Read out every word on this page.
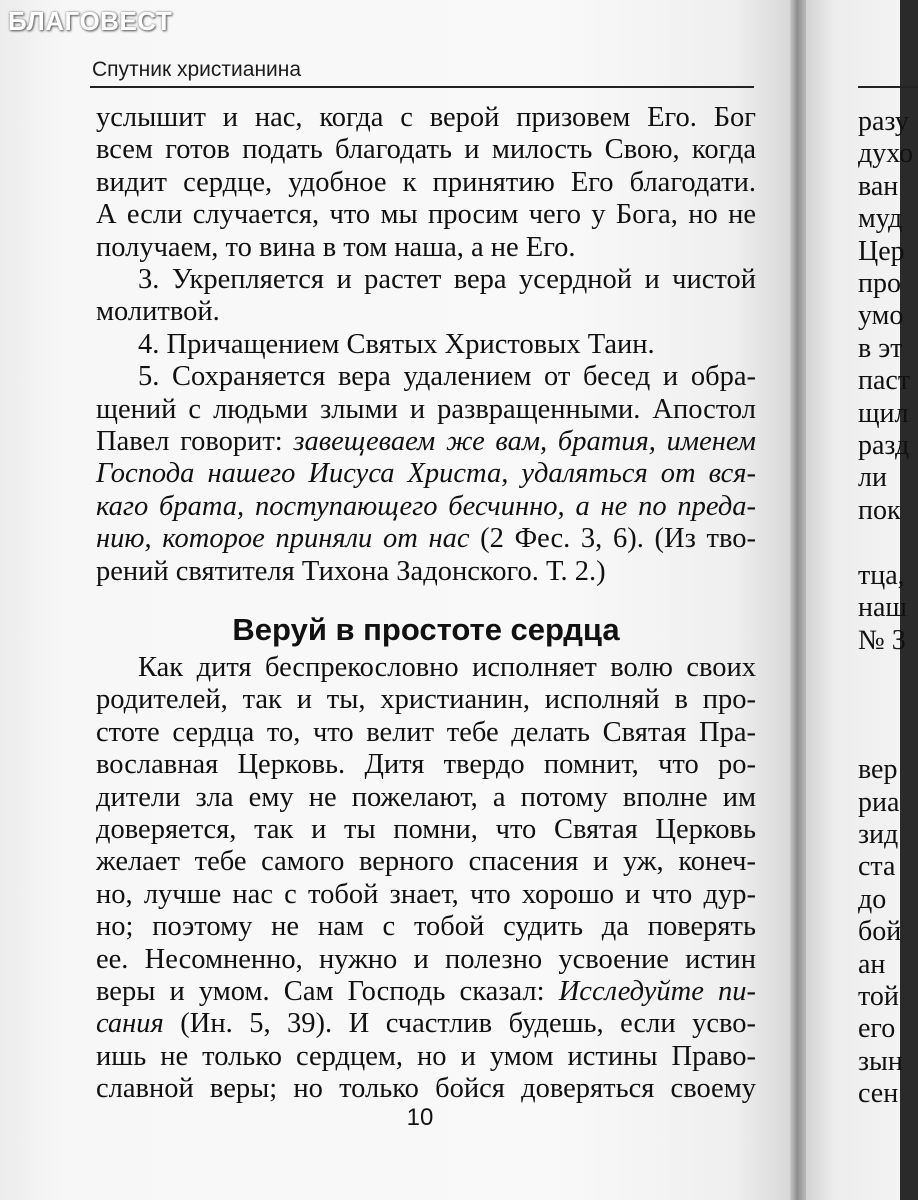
Спутник христианина
услышит и нас, когда с верой призовем Его. Бог
всем готов подать благодать и милость Свою, когда
видит сердце, удобное к принятию Его благодати.
А если случается, что мы просим чего у Бога, но не
получаем, то вина в том наша, а не Его.
3. Укрепляется и растет вера усердной и чистой
молитвой.
4. Причащением Святых Христовых Таин.
5. Сохраняется вера удалением от бесед и обра-
щений с людьми злыми и развращенными. Апостол
Павел говорит: завещеваем же вам, братия, именем
Господа нашего Иисуса Христа, удаляться от вся-
каго брата, поступающего бесчинно, а не по преда-
нию, которое приняли от нас (2 Фес. 3, 6). (Из тво-
рений святителя Тихона Задонского. Т. 2.)
Веруй в простоте сердца
Как дитя беспрекословно исполняет волю своих
родителей, так и ты, христианин, исполняй в про-
стоте сердца то, что велит тебе делать Святая Пра-
вославная Церковь. Дитя твердо помнит, что ро-
дители зла ему не пожелают, а потому вполне им
доверяется, так и ты помни, что Святая Церковь
желает тебе самого верного спасения и уж, конеч-
но, лучше нас с тобой знает, что хорошо и что дур-
но; поэтому не нам с тобой судить да поверять
ее. Несомненно, нужно и полезно усвоение истин
веры и умом. Сам Господь сказал: Исследуйте пи-
сания (Ин. 5, 39). И счастлив будешь, если усво-
ишь не только сердцем, но и умом истины Право-
славной веры; но только бойся доверяться своему
10
разу
духо
ван
муд
Цер
про
умо
в эт
паст
щил
разд
ли
пок

тца,
наш
№ 3

вер
риа
зид
ста
до
бой
ан
той
его
зын
сен
БЛАГОВЕСТ
